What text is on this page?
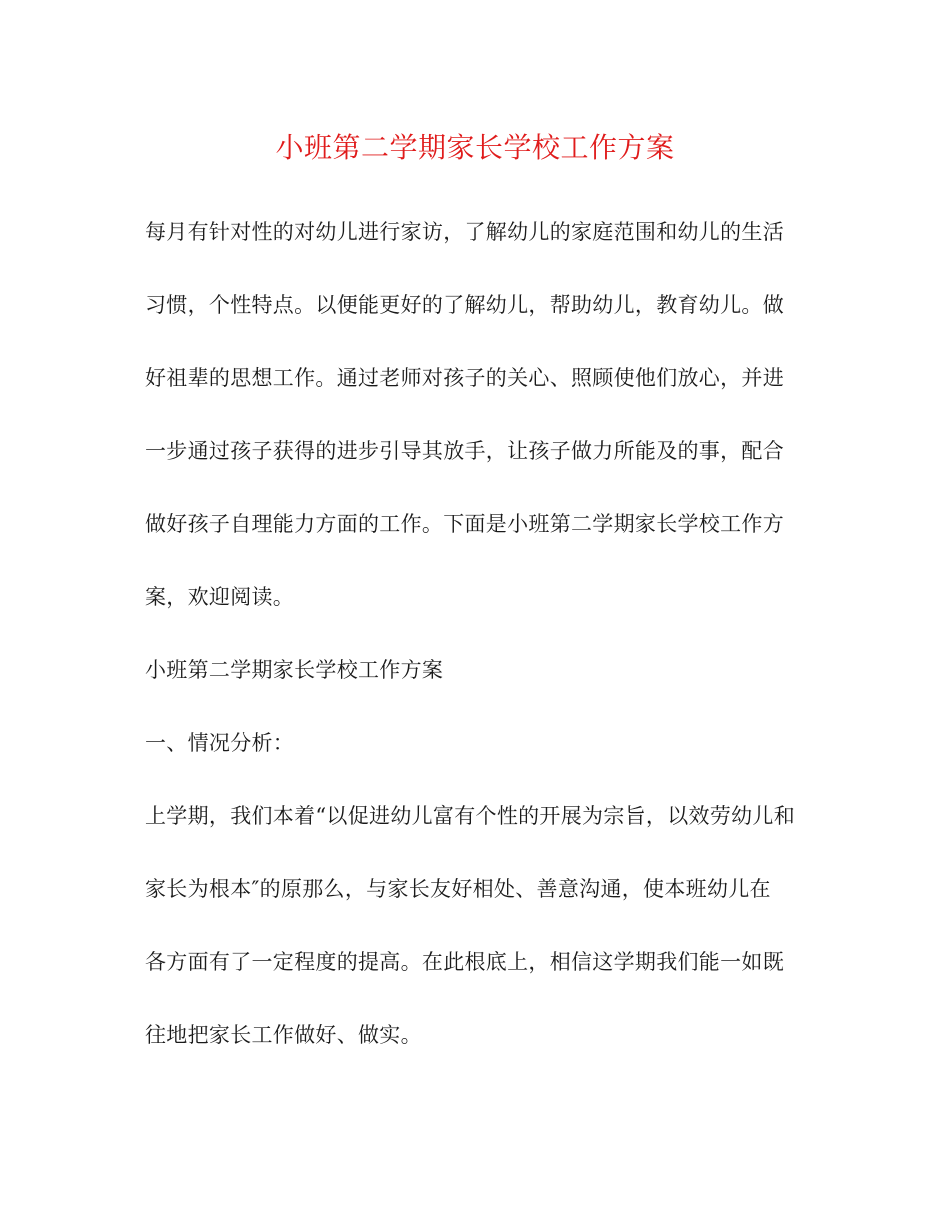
小班第二学期家长学校工作方案
每月有针对性的对幼儿进行家访，了解幼儿的家庭范围和幼儿的生活
习惯，个性特点。以便能更好的了解幼儿，帮助幼儿，教育幼儿。做
好祖辈的思想工作。通过老师对孩子的关心、照顾使他们放心，并进
一步通过孩子获得的进步引导其放手，让孩子做力所能及的事，配合
做好孩子自理能力方面的工作。下面是小班第二学期家长学校工作方
案，欢迎阅读。
小班第二学期家长学校工作方案
一、情况分析：
上学期，我们本着“以促进幼儿富有个性的开展为宗旨，以效劳幼儿和
家长为根本″的原那么，与家长友好相处、善意沟通，使本班幼儿在
各方面有了一定程度的提高。在此根底上，相信这学期我们能一如既
往地把家长工作做好、做实。
